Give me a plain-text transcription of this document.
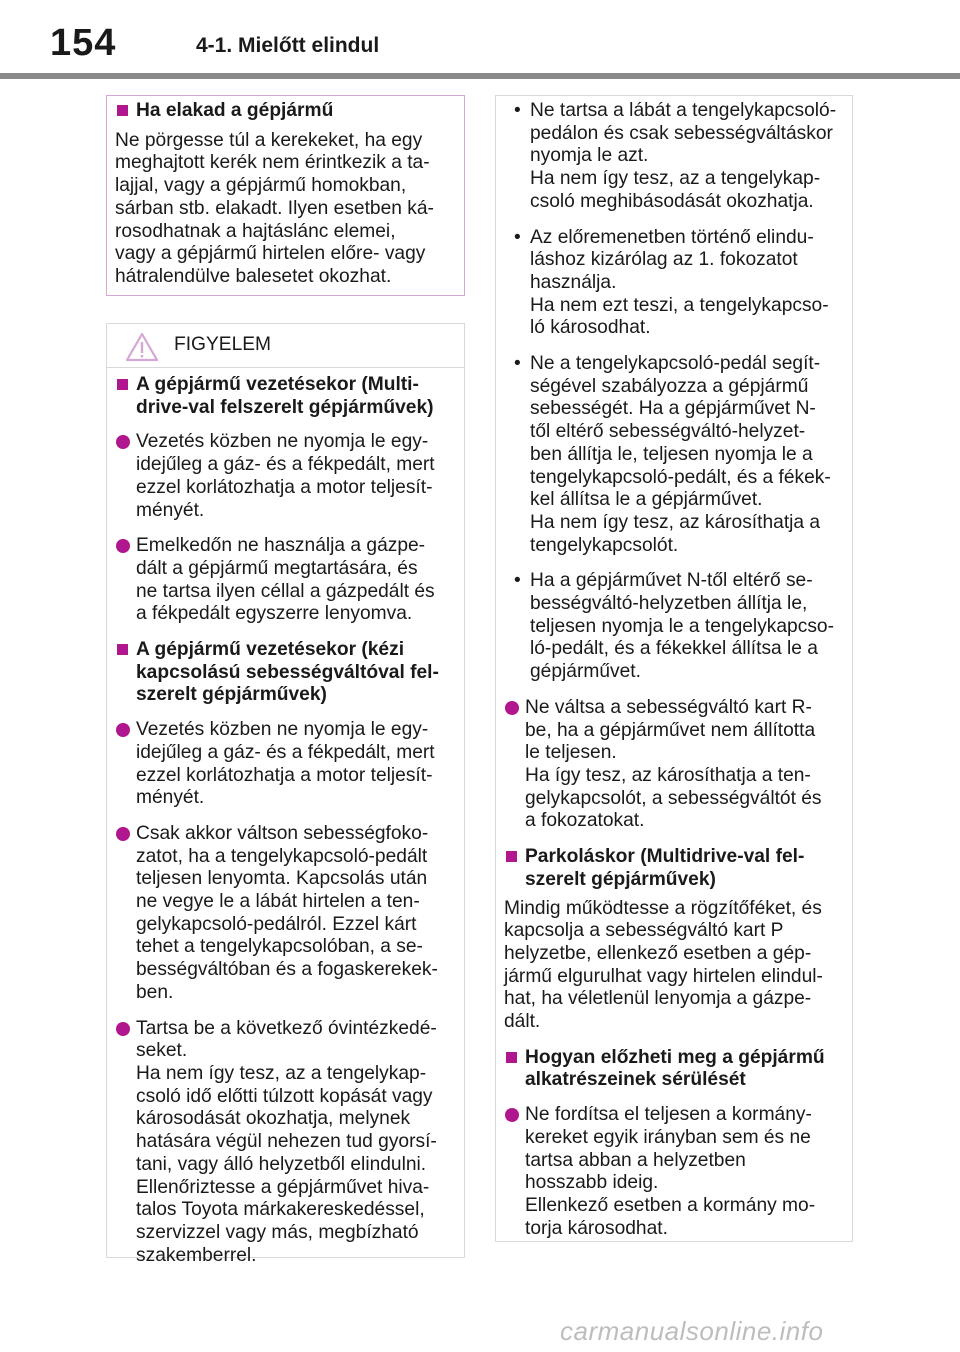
154	4-1. Mielőtt elindul
Ha elakad a gépjármű
Ne pörgesse túl a kerekeket, ha egy
meghajtott kerék nem érintkezik a ta-
lajjal, vagy a gépjármű homokban,
sárban stb. elakadt. Ilyen esetben ká-
rosodhatnak a hajtáslánc elemei,
vagy a gépjármű hirtelen előre- vagy
hátralendülve balesetet okozhat.
FIGYELEM
A gépjármű vezetésekor (Multi-
drive-val felszerelt gépjárművek)
Vezetés közben ne nyomja le egy-
idejűleg a gáz- és a fékpedált, mert
ezzel korlátozhatja a motor teljesít-
ményét.
Emelkedőn ne használja a gázpe-
dált a gépjármű megtartására, és
ne tartsa ilyen céllal a gázpedált és
a fékpedált egyszerre lenyomva.
A gépjármű vezetésekor (kézi
kapcsolású sebességváltóval fel-
szerelt gépjárművek)
Vezetés közben ne nyomja le egy-
idejűleg a gáz- és a fékpedált, mert
ezzel korlátozhatja a motor teljesít-
ményét.
Csak akkor váltson sebességfoko-
zatot, ha a tengelykapcsoló-pedált
teljesen lenyomta. Kapcsolás után
ne vegye le a lábát hirtelen a ten-
gelykapcsoló-pedálról. Ezzel kárt
tehet a tengelykapcsolóban, a se-
bességváltóban és a fogaskerekek-
ben.
Tartsa be a következő óvintézkedé-
seket.
Ha nem így tesz, az a tengelykap-
csoló idő előtti túlzott kopását vagy
károsodását okozhatja, melynek
hatására végül nehezen tud gyorsí-
tani, vagy álló helyzetből elindulni.
Ellenőriztesse a gépjárművet hiva-
talos Toyota márkakereskedéssel,
szervizzel vagy más, megbízható
szakemberrel.
• Ne tartsa a lábát a tengelykapcsoló-
pedálon és csak sebességváltáskor
nyomja le azt.
Ha nem így tesz, az a tengelykap-
csoló meghibásodását okozhatja.
• Az előremenetben történő elindu-
láshoz kizárólag az 1. fokozatot
használja.
Ha nem ezt teszi, a tengelykapcso-
ló károsodhat.
• Ne a tengelykapcsoló-pedál segít-
ségével szabályozza a gépjármű
sebességét. Ha a gépjárművet N-
től eltérő sebességváltó-helyzet-
ben állítja le, teljesen nyomja le a
tengelykapcsoló-pedált, és a fékek-
kel állítsa le a gépjárművet.
Ha nem így tesz, az károsíthatja a
tengelykapcsolót.
• Ha a gépjárművet N-től eltérő se-
bességváltó-helyzetben állítja le,
teljesen nyomja le a tengelykapcso-
ló-pedált, és a fékekkel állítsa le a
gépjárművet.
Ne váltsa a sebességváltó kart R-
be, ha a gépjárművet nem állította
le teljesen.
Ha így tesz, az károsíthatja a ten-
gelykapcsolót, a sebességváltót és
a fokozatokat.
Parkoláskor (Multidrive-val fel-
szerelt gépjárművek)
Mindig működtesse a rögzítőféket, és
kapcsolja a sebességváltó kart P
helyzetbe, ellenkező esetben a gép-
jármű elgurulhat vagy hirtelen elindul-
hat, ha véletlenül lenyomja a gázpe-
dált.
Hogyan előzheti meg a gépjármű
alkatrészeinek sérülését
Ne fordítsa el teljesen a kormány-
kereket egyik irányban sem és ne
tartsa abban a helyzetben
hosszabb ideig.
Ellenkező esetben a kormány mo-
torja károsodhat.
carmanualsonline.info
